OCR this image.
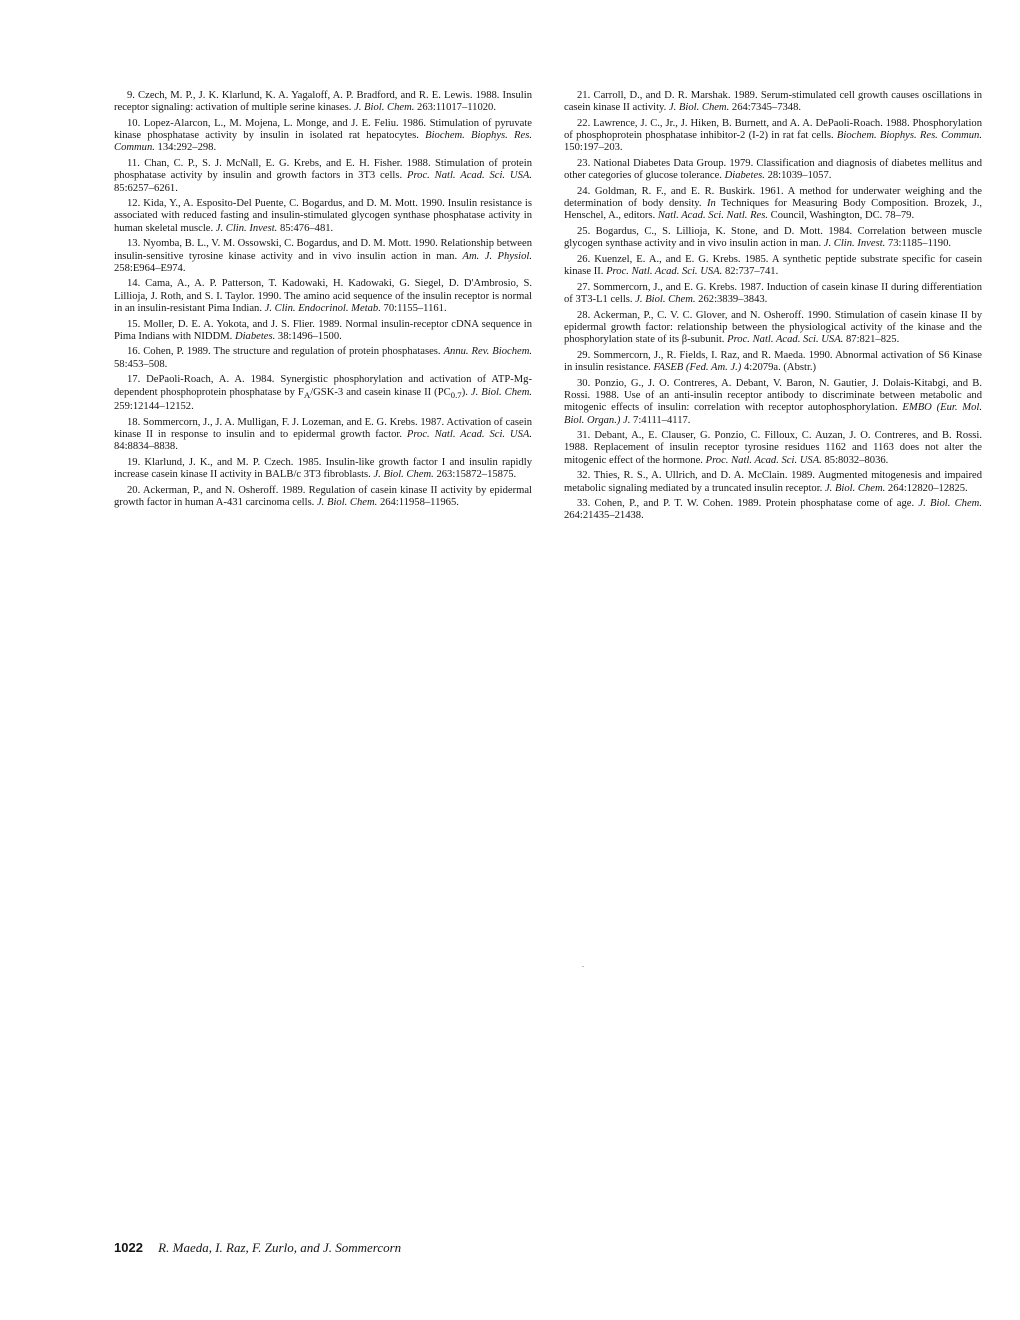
9. Czech, M. P., J. K. Klarlund, K. A. Yagaloff, A. P. Bradford, and R. E. Lewis. 1988. Insulin receptor signaling: activation of multiple serine kinases. J. Biol. Chem. 263:11017–11020.

10. Lopez-Alarcon, L., M. Mojena, L. Monge, and J. E. Feliu. 1986. Stimulation of pyruvate kinase phosphatase activity by insulin in isolated rat hepatocytes. Biochem. Biophys. Res. Commun. 134:292–298.

11. Chan, C. P., S. J. McNall, E. G. Krebs, and E. H. Fisher. 1988. Stimulation of protein phosphatase activity by insulin and growth factors in 3T3 cells. Proc. Natl. Acad. Sci. USA. 85:6257–6261.

12. Kida, Y., A. Esposito-Del Puente, C. Bogardus, and D. M. Mott. 1990. Insulin resistance is associated with reduced fasting and insulin-stimulated glycogen synthase phosphatase activity in human skeletal muscle. J. Clin. Invest. 85:476–481.

13. Nyomba, B. L., V. M. Ossowski, C. Bogardus, and D. M. Mott. 1990. Relationship between insulin-sensitive tyrosine kinase activity and in vivo insulin action in man. Am. J. Physiol. 258:E964–E974.

14. Cama, A., A. P. Patterson, T. Kadowaki, H. Kadowaki, G. Siegel, D. D'Ambrosio, S. Lillioja, J. Roth, and S. I. Taylor. 1990. The amino acid sequence of the insulin receptor is normal in an insulin-resistant Pima Indian. J. Clin. Endocrinol. Metab. 70:1155–1161.

15. Moller, D. E. A. Yokota, and J. S. Flier. 1989. Normal insulin-receptor cDNA sequence in Pima Indians with NIDDM. Diabetes. 38:1496–1500.

16. Cohen, P. 1989. The structure and regulation of protein phosphatases. Annu. Rev. Biochem. 58:453–508.

17. DePaoli-Roach, A. A. 1984. Synergistic phosphorylation and activation of ATP-Mg-dependent phosphoprotein phosphatase by $F_A/GSK-3$ and casein kinase II $(PC_{0.7})$. J. Biol. Chem. 259:12144–12152.

18. Sommercorn, J., J. A. Mulligan, F. J. Lozeman, and E. G. Krebs. 1987. Activation of casein kinase II in response to insulin and to epidermal growth factor. Proc. Natl. Acad. Sci. USA. 84:8834–8838.

19. Klarlund, J. K., and M. P. Czech. 1985. Insulin-like growth factor I and insulin rapidly increase casein kinase II activity in BALB/c 3T3 fibroblasts. J. Biol. Chem. 263:15872–15875.

20. Ackerman, P., and N. Osheroff. 1989. Regulation of casein kinase II activity by epidermal growth factor in human A-431 carcinoma cells. J. Biol. Chem. 264:11958–11965.

21. Carroll, D., and D. R. Marshak. 1989. Serum-stimulated cell growth causes oscillations in casein kinase II activity. J. Biol. Chem. 264:7345–7348.

22. Lawrence, J. C., Jr., J. Hiken, B. Burnett, and A. A. DePaoli-Roach. 1988. Phosphorylation of phosphoprotein phosphatase inhibitor-2 (I-2) in rat fat cells. Biochem. Biophys. Res. Commun. 150:197–203.

23. National Diabetes Data Group. 1979. Classification and diagnosis of diabetes mellitus and other categories of glucose tolerance. Diabetes. 28:1039–1057.

24. Goldman, R. F., and E. R. Buskirk. 1961. A method for underwater weighing and the determination of body density. In Techniques for Measuring Body Composition. Brozek, J., Henschel, A., editors. Natl. Acad. Sci. Natl. Res. Council, Washington, DC. 78–79.

25. Bogardus, C., S. Lillioja, K. Stone, and D. Mott. 1984. Correlation between muscle glycogen synthase activity and in vivo insulin action in man. J. Clin. Invest. 73:1185–1190.

26. Kuenzel, E. A., and E. G. Krebs. 1985. A synthetic peptide substrate specific for casein kinase II. Proc. Natl. Acad. Sci. USA. 82:737–741.

27. Sommercorn, J., and E. G. Krebs. 1987. Induction of casein kinase II during differentiation of 3T3-L1 cells. J. Biol. Chem. 262:3839–3843.

28. Ackerman, P., C. V. C. Glover, and N. Osheroff. 1990. Stimulation of casein kinase II by epidermal growth factor: relationship between the physiological activity of the kinase and the phosphorylation state of its β-subunit. Proc. Natl. Acad. Sci. USA. 87:821–825.

29. Sommercorn, J., R. Fields, I. Raz, and R. Maeda. 1990. Abnormal activation of S6 Kinase in insulin resistance. FASEB (Fed. Am. J.) 4:2079a. (Abstr.)

30. Ponzio, G., J. O. Contreres, A. Debant, V. Baron, N. Gautier, J. Dolais-Kitabgi, and B. Rossi. 1988. Use of an anti-insulin receptor antibody to discriminate between metabolic and mitogenic effects of insulin: correlation with receptor autophosphorylation. EMBO (Eur. Mol. Biol. Organ.) J. 7:4111–4117.

31. Debant, A., E. Clauser, G. Ponzio, C. Filloux, C. Auzan, J. O. Contreres, and B. Rossi. 1988. Replacement of insulin receptor tyrosine residues 1162 and 1163 does not alter the mitogenic effect of the hormone. Proc. Natl. Acad. Sci. USA. 85:8032–8036.

32. Thies, R. S., A. Ullrich, and D. A. McClain. 1989. Augmented mitogenesis and impaired metabolic signaling mediated by a truncated insulin receptor. J. Biol. Chem. 264:12820–12825.

33. Cohen, P., and P. T. W. Cohen. 1989. Protein phosphatase come of age. J. Biol. Chem. 264:21435–21438.

1022 R. Maeda, I. Raz, F. Zurlo, and J. Sommercorn
